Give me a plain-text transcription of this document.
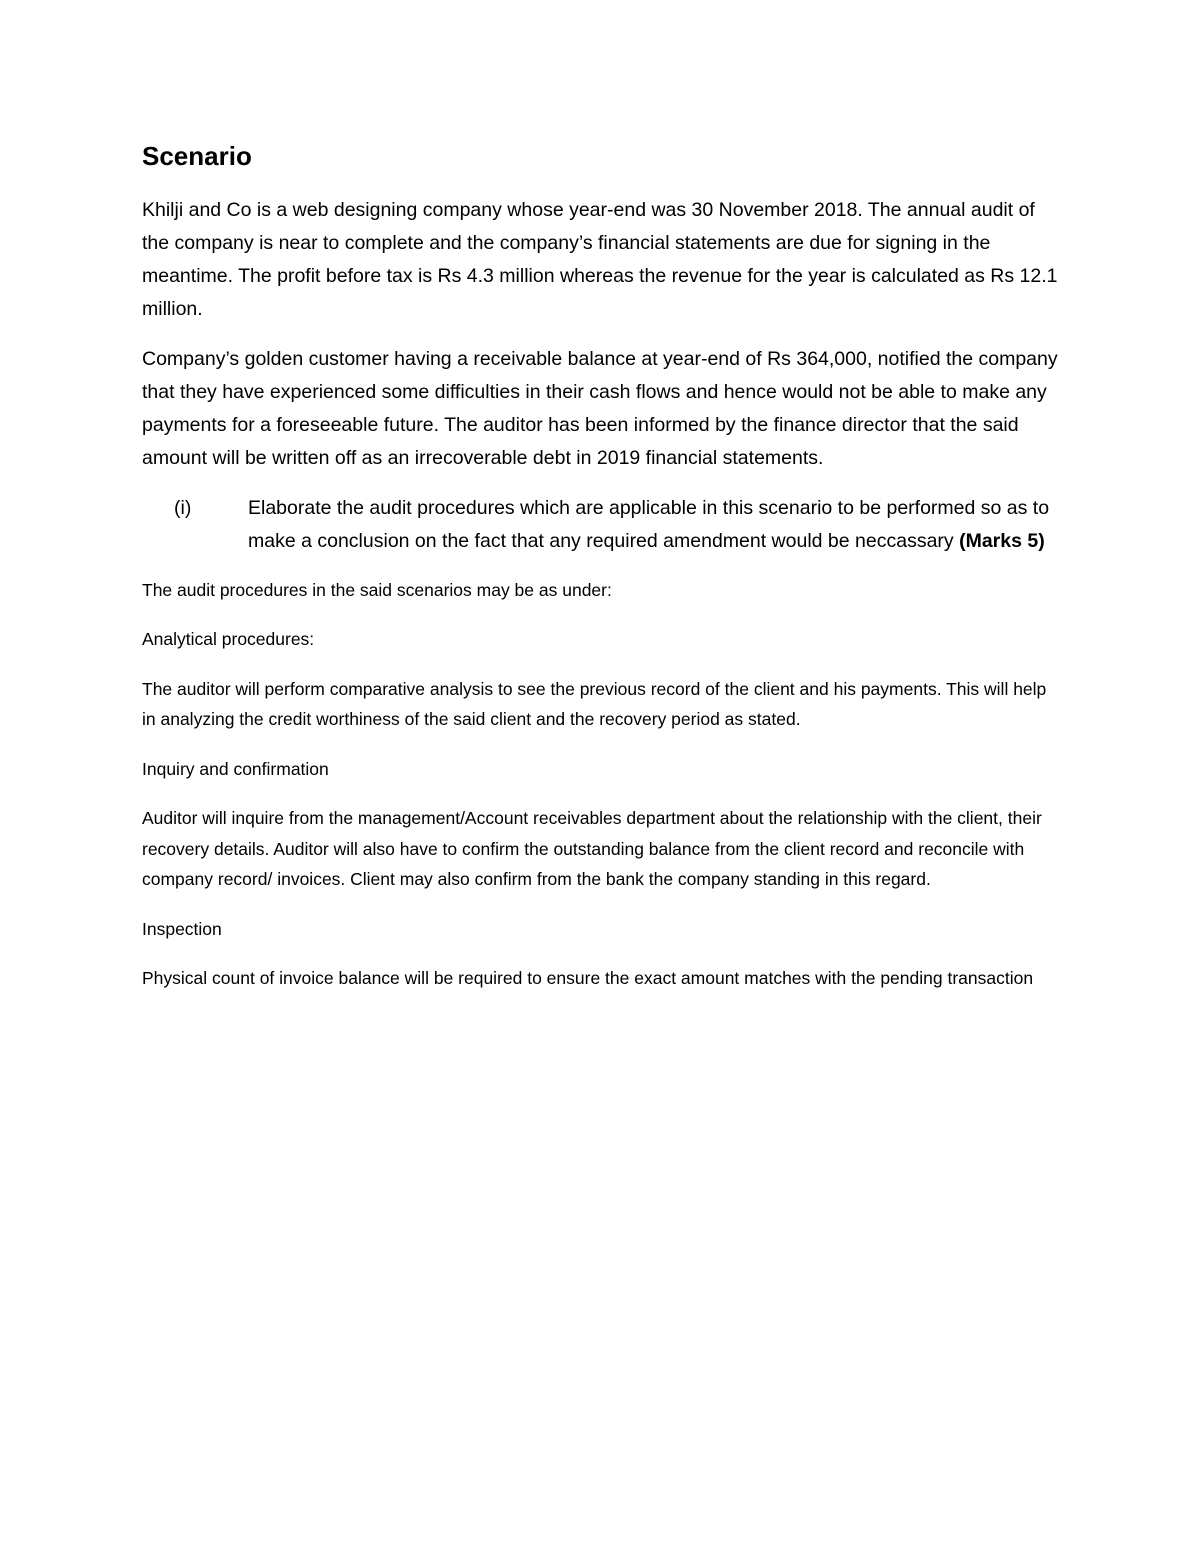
Scenario

Khilji and Co is a web designing company whose year-end was 30 November 2018. The annual audit of the company is near to complete and the company’s financial statements are due for signing in the meantime. The profit before tax is Rs 4.3 million whereas the revenue for the year is calculated as Rs 12.1 million.

Company’s golden customer having a receivable balance at year-end of Rs 364,000, notified the company that they have experienced some difficulties in their cash flows and hence would not be able to make any payments for a foreseeable future. The auditor has been informed by the finance director that the said amount will be written off as an irrecoverable debt in 2019 financial statements.

(i)	Elaborate the audit procedures which are applicable in this scenario to be performed so as to make a conclusion on the fact that any required amendment would be neccassary (Marks 5)

The audit procedures in the said scenarios may be as under:

Analytical procedures:

The auditor will perform comparative analysis to see the previous record of the client and his payments. This will help in analyzing the credit worthiness of the said client and the recovery period as stated.

Inquiry and confirmation

Auditor will inquire from the management/Account receivables department about the relationship with the client, their recovery details. Auditor will also have to confirm the outstanding balance from the client record and reconcile with company record/ invoices. Client may also confirm from the bank the company standing in this regard.

Inspection

Physical count of invoice balance will be required to ensure the exact amount matches with the pending transaction
